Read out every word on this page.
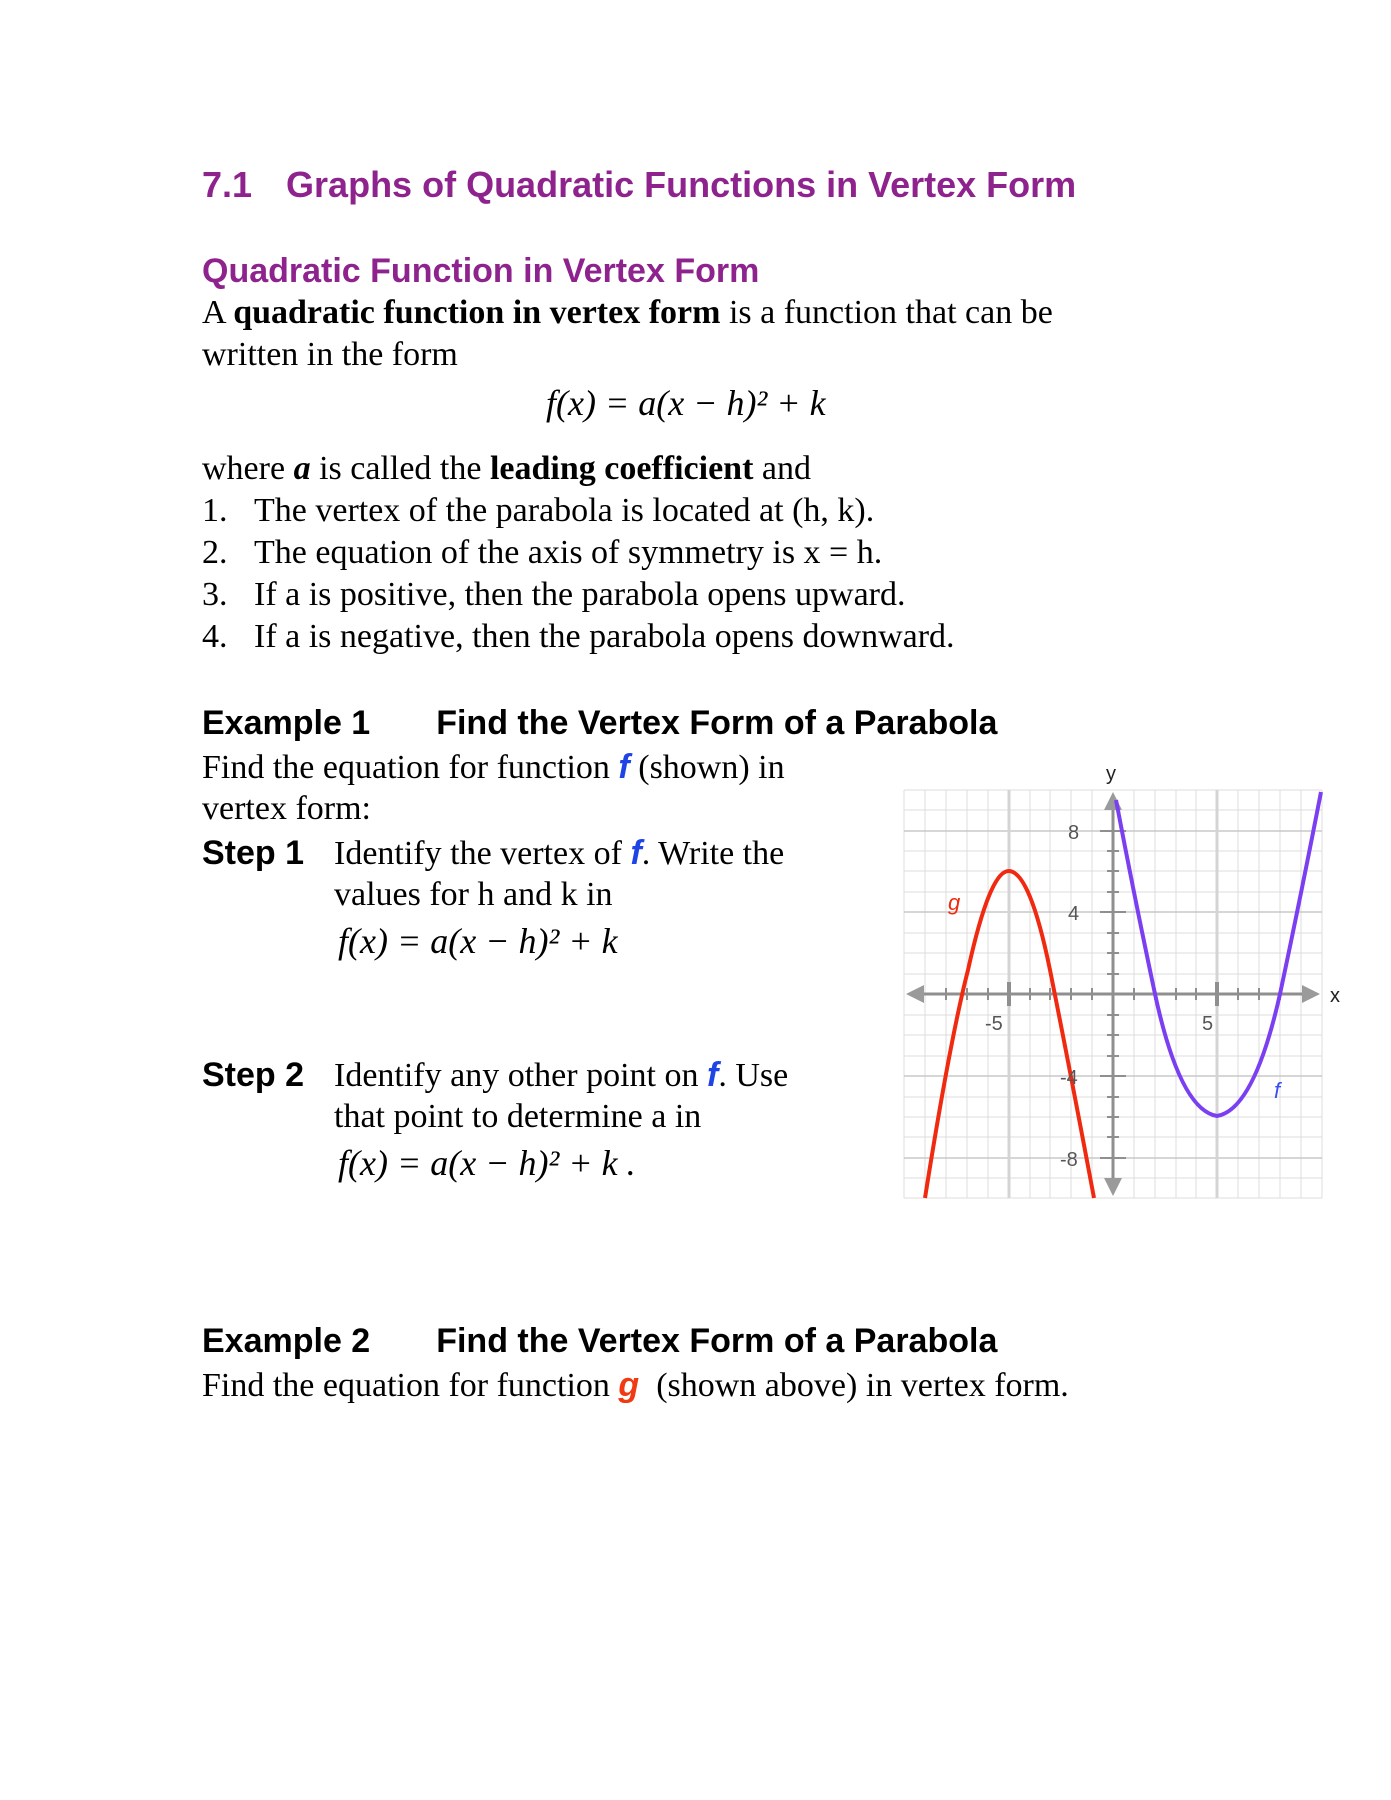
7.1 Graphs of Quadratic Functions in Vertex Form
Quadratic Function in Vertex Form
A quadratic function in vertex form is a function that can be
written in the form
f(x) = a(x − h)² + k
where a is called the leading coefficient and
1. The vertex of the parabola is located at (h, k).
2. The equation of the axis of symmetry is x = h.
3. If a is positive, then the parabola opens upward.
4. If a is negative, then the parabola opens downward.
Example 1 Find the Vertex Form of a Parabola
Find the equation for function f (shown) in
vertex form:
Step 1 Identify the vertex of f. Write the
values for h and k in
f(x) = a(x − h)² + k
Step 2 Identify any other point on f. Use
that point to determine a in
f(x) = a(x − h)² + k .
y
x
-5	5
8
4
-4
-8
g
f
Example 2 Find the Vertex Form of a Parabola
Find the equation for function g  (shown above) in vertex form.
